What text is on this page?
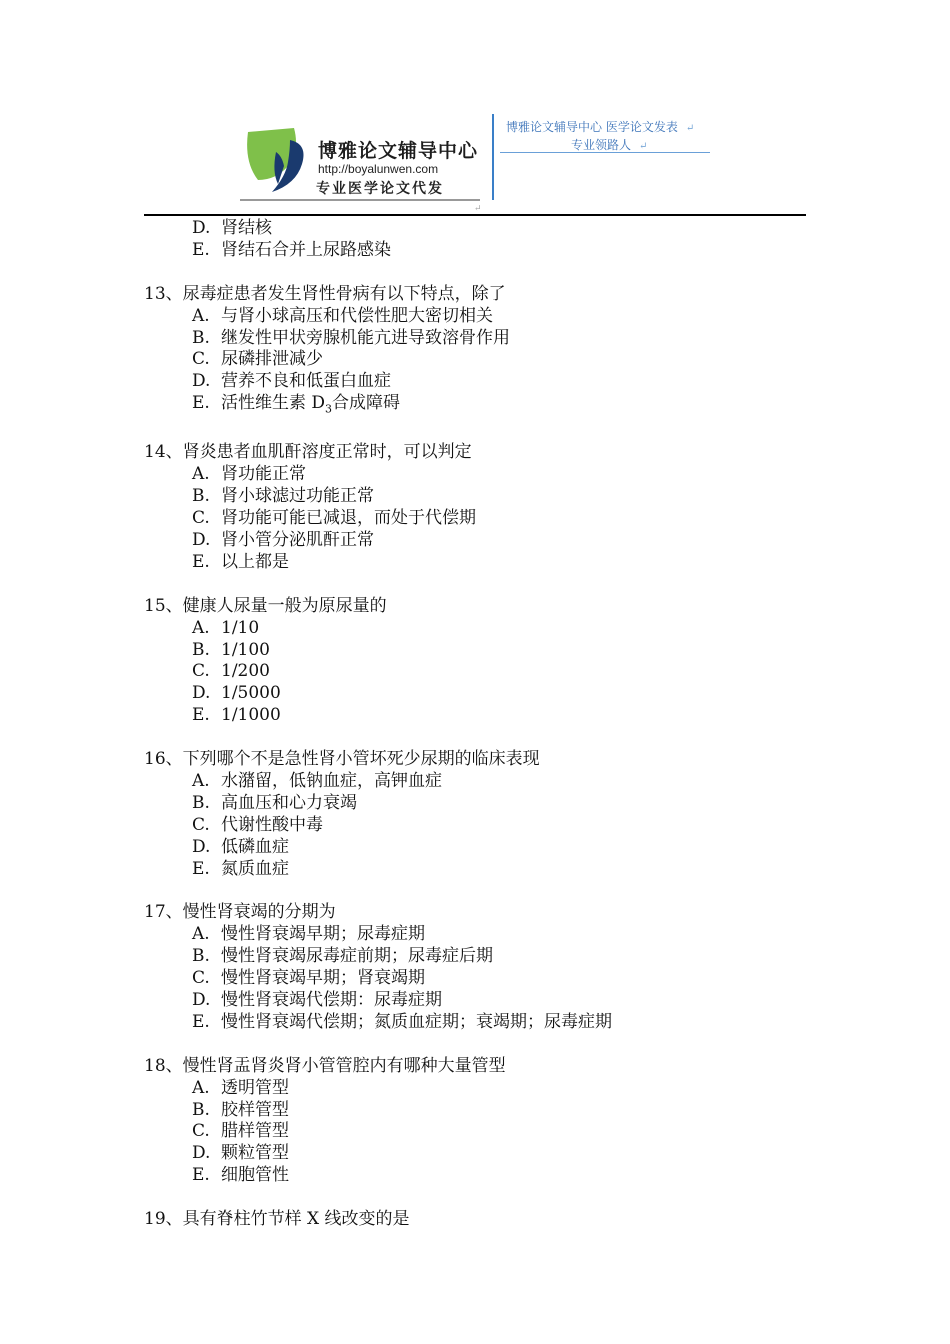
博雅论文辅导中心
http://boyalunwen.com
专业医学论文代发
博雅论文辅导中心 医学论文发表 ↵
专业领路人 ↵
↵
D. 肾结核
E. 肾结石合并上尿路感染
13、尿毒症患者发生肾性骨病有以下特点，除了
A. 与肾小球高压和代偿性肥大密切相关
B. 继发性甲状旁腺机能亢进导致溶骨作用
C. 尿磷排泄减少
D. 营养不良和低蛋白血症
E. 活性维生素 $D_3$合成障碍
14、肾炎患者血肌酐溶度正常时，可以判定
A. 肾功能正常
B. 肾小球滤过功能正常
C. 肾功能可能已减退，而处于代偿期
D. 肾小管分泌肌酐正常
E. 以上都是
15、健康人尿量一般为原尿量的
A. 1/10
B. 1/100
C. 1/200
D. 1/5000
E. 1/1000
16、下列哪个不是急性肾小管坏死少尿期的临床表现
A. 水潴留，低钠血症，高钾血症
B. 高血压和心力衰竭
C. 代谢性酸中毒
D. 低磷血症
E. 氮质血症
17、慢性肾衰竭的分期为
A. 慢性肾衰竭早期；尿毒症期
B. 慢性肾衰竭尿毒症前期；尿毒症后期
C. 慢性肾衰竭早期；肾衰竭期
D. 慢性肾衰竭代偿期：尿毒症期
E. 慢性肾衰竭代偿期；氮质血症期；衰竭期；尿毒症期
18、慢性肾盂肾炎肾小管管腔内有哪种大量管型
A. 透明管型
B. 胶样管型
C. 腊样管型
D. 颗粒管型
E. 细胞管性
19、具有脊柱竹节样 X 线改变的是
